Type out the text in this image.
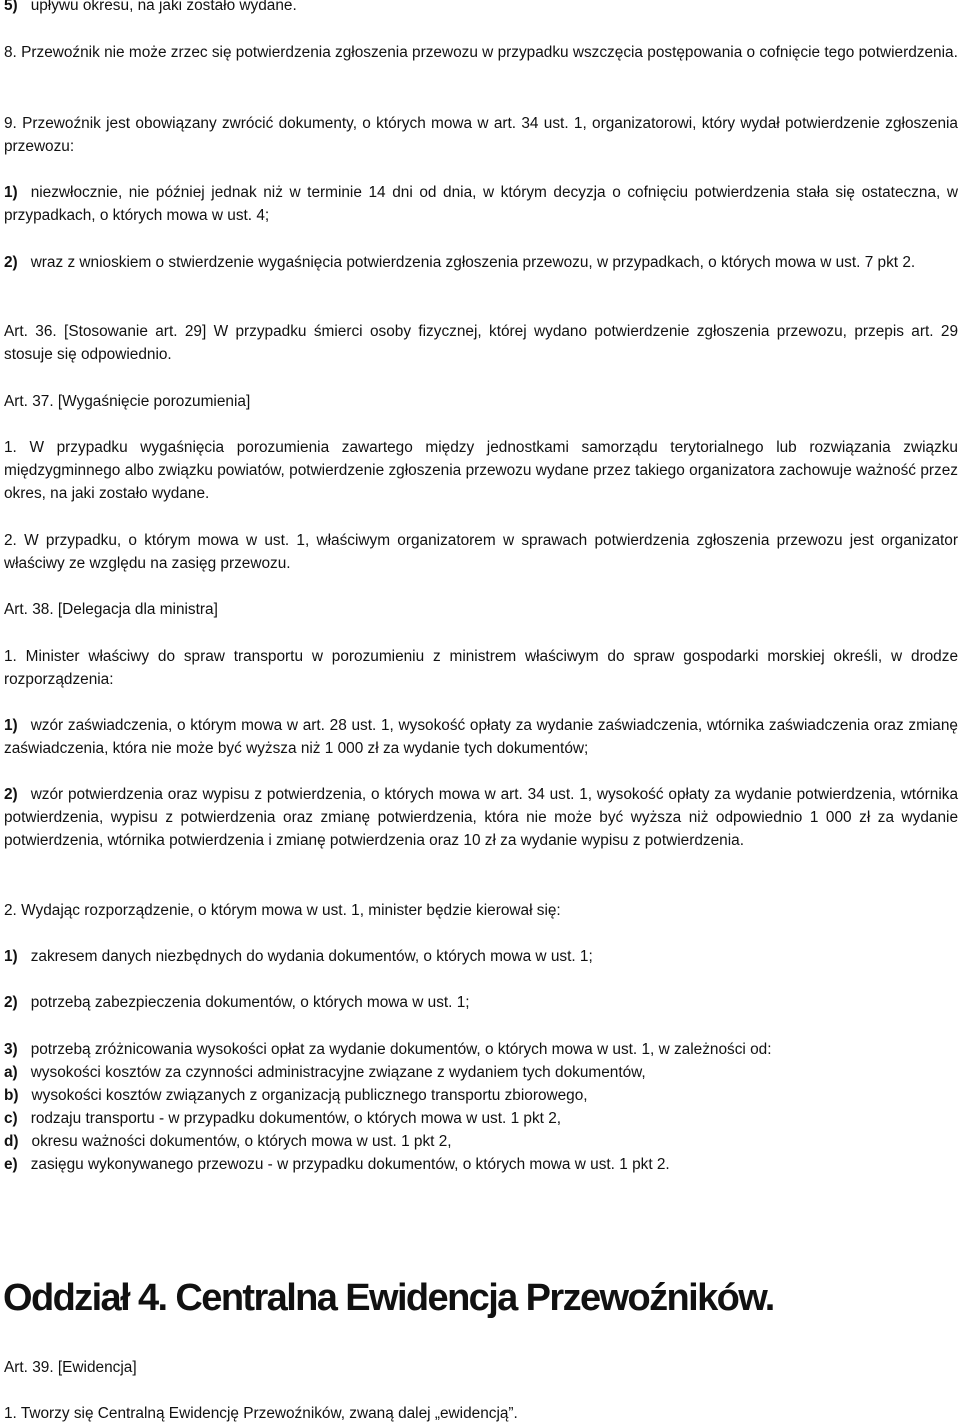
5) upływu okresu, na jaki zostało wydane.

8. Przewoźnik nie może zrzec się potwierdzenia zgłoszenia przewozu w przypadku wszczęcia postępowania o cofnięcie tego potwierdzenia.

9. Przewoźnik jest obowiązany zwrócić dokumenty, o których mowa w art. 34 ust. 1, organizatorowi, który wydał potwierdzenie zgłoszenia przewozu:

1) niezwłocznie, nie później jednak niż w terminie 14 dni od dnia, w którym decyzja o cofnięciu potwierdzenia stała się ostateczna, w przypadkach, o których mowa w ust. 4;

2) wraz z wnioskiem o stwierdzenie wygaśnięcia potwierdzenia zgłoszenia przewozu, w przypadkach, o których mowa w ust. 7 pkt 2.

Art. 36. [Stosowanie art. 29] W przypadku śmierci osoby fizycznej, której wydano potwierdzenie zgłoszenia przewozu, przepis art. 29 stosuje się odpowiednio.

Art. 37. [Wygaśnięcie porozumienia]

1. W przypadku wygaśnięcia porozumienia zawartego między jednostkami samorządu terytorialnego lub rozwiązania związku międzygminnego albo związku powiatów, potwierdzenie zgłoszenia przewozu wydane przez takiego organizatora zachowuje ważność przez okres, na jaki zostało wydane.

2. W przypadku, o którym mowa w ust. 1, właściwym organizatorem w sprawach potwierdzenia zgłoszenia przewozu jest organizator właściwy ze względu na zasięg przewozu.

Art. 38. [Delegacja dla ministra]

1. Minister właściwy do spraw transportu w porozumieniu z ministrem właściwym do spraw gospodarki morskiej określi, w drodze rozporządzenia:

1) wzór zaświadczenia, o którym mowa w art. 28 ust. 1, wysokość opłaty za wydanie zaświadczenia, wtórnika zaświadczenia oraz zmianę zaświadczenia, która nie może być wyższa niż 1 000 zł za wydanie tych dokumentów;

2) wzór potwierdzenia oraz wypisu z potwierdzenia, o których mowa w art. 34 ust. 1, wysokość opłaty za wydanie potwierdzenia, wtórnika potwierdzenia, wypisu z potwierdzenia oraz zmianę potwierdzenia, która nie może być wyższa niż odpowiednio 1 000 zł za wydanie potwierdzenia, wtórnika potwierdzenia i zmianę potwierdzenia oraz 10 zł za wydanie wypisu z potwierdzenia.

2. Wydając rozporządzenie, o którym mowa w ust. 1, minister będzie kierował się:

1) zakresem danych niezbędnych do wydania dokumentów, o których mowa w ust. 1;

2) potrzebą zabezpieczenia dokumentów, o których mowa w ust. 1;

3) potrzebą zróżnicowania wysokości opłat za wydanie dokumentów, o których mowa w ust. 1, w zależności od:

a) wysokości kosztów za czynności administracyjne związane z wydaniem tych dokumentów,

b) wysokości kosztów związanych z organizacją publicznego transportu zbiorowego,

c) rodzaju transportu - w przypadku dokumentów, o których mowa w ust. 1 pkt 2,

d) okresu ważności dokumentów, o których mowa w ust. 1 pkt 2,

e) zasięgu wykonywanego przewozu - w przypadku dokumentów, o których mowa w ust. 1 pkt 2.

Oddział 4. Centralna Ewidencja Przewoźników.

Art. 39. [Ewidencja]

1. Tworzy się Centralną Ewidencję Przewoźników, zwaną dalej „ewidencją”.
